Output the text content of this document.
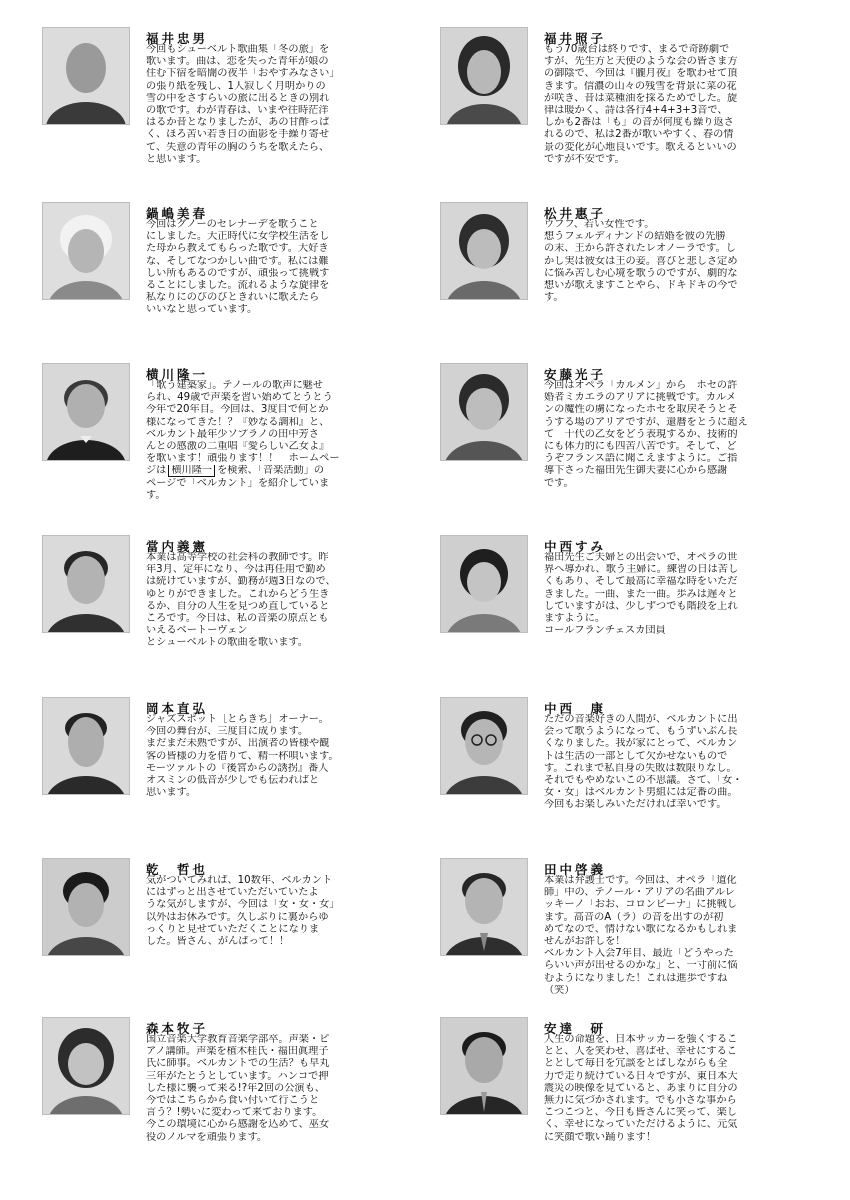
福井忠男
今回もシューベルト歌曲集「冬の旅」を
歌います。曲は、恋を失った青年が娘の
住む下宿を暗闇の夜半「おやすみなさい」
の張り紙を残し、1人寂しく月明かりの
雪の中をさすらいの旅に出るときの別れ
の歌です。わが青春は、いまや往時茫洋
はるか昔となりましたが、あの甘酢っぱ
く、ほろ苦い若き日の面影を手繰り寄せ
て、失意の青年の胸のうちを歌えたら、
と思います。
福井照子
もう70歳台は終りです、まるで奇跡劇で
すが、先生方と天使のような会の皆さま方
の御陰で、今回は『朧月夜』を歌わせて頂
きます。信濃の山々の残雪を背景に菜の花
が咲き、昔は菜種油を採るためでした。旋
律は暖かく、詩は各行4+4+3+3音で、
しかも2番は「も」の音が何度も繰り返さ
れるので、私は2番が歌いやすく、春の情
景の変化が心地良いです。歌えるといいの
ですが不安です。
鍋嶋美春
今回はグノーのセレナーデを歌うこと
にしました。大正時代に女学校生活をし
た母から教えてもらった歌です。大好き
な、そしてなつかしい曲です。私には難
しい所もあるのですが、頑張って挑戦す
ることにしました。流れるような旋律を
私なりにのびのびときれいに歌えたら
いいなと思っています。
松井惠子
ウフフ、若い女性です。
想うフェルディナンドの結婚を彼の先勝
の末、王から許されたレオノーラです。し
かし実は彼女は王の妾。喜びと悲しさ定め
に悩み苦しむ心境を歌うのですが、劇的な
想いが歌えますことやら、ドキドキの今で
す。
横川隆一
「歌う建築家」。テノールの歌声に魅せ
られ、49歳で声楽を習い始めてとうとう
今年で20年目。今回は、3度目で何とか
様になってきた！？『妙なる調和』と、
ベルカント最年少ソプラノの田中芳さ
んとの感激の二重唱『愛らしい乙女よ』
を歌います！頑張ります！！　ホームペー
ジは 横川隆一 を検索、「音楽活動」の
ページで「ベルカント」を紹介していま
す。
安藤光子
今回はオペラ「カルメン」から　ホセの許
婚者ミカエラのアリアに挑戦です。カルメ
ンの魔性の虜になったホセを取戻そうとそ
うする場のアリアですが、還暦をとうに超え
て　十代の乙女をどう表現するか、技術的
にも体力的にも四苦八苦です。そして、ど
うぞフランス語に聞こえますように。ご指
導下さった福田先生御夫妻に心から感謝
です。
當内義憲
本業は高等学校の社会科の教師です。昨
年3月、定年になり、今は再任用で勤め
は続けていますが、勤務が週3日なので、
ゆとりができました。これからどう生き
るか、自分の人生を見つめ直していると
ころです。今日は、私の音楽の原点とも
いえるベートーヴェン
とシューベルトの歌曲を歌います。
中西すみ
福田先生ご夫婦との出会いで、オペラの世
界へ導かれ、歌う主婦に。練習の日は苦し
くもあり、そして最高に幸福な時をいただ
きました。一曲、また一曲。歩みは遅々と
していますがは、少しずつでも階段を上れ
ますように。
コールフランチェスカ団員
岡本直弘
ジャズスポット［とらきち］オーナー。
今回の舞台が、三度目に成ります。
まだまだ未熟ですが、出演者の皆様や観
客の皆様の力を借りて、精一杯唄います。
モーツァルトの『後宮からの誘拐』番人
オスミンの低音が少しでも伝わればと
思います。
中西　康
ただの音楽好きの人間が、ベルカントに出
会って歌うようになって、もうずいぶん長
くなりました。我が家にとって、ベルカン
トは生活の一部として欠かせないもので
す。これまで私自身の失敗は数限りなし。
それでもやめないこの不思議。さて、「女・
女・女」はベルカント男組には定番の曲。
今回もお楽しみいただければ幸いです。
乾　哲也
気がついてみれば、10数年、ベルカント
にはずっと出させていただいていたよ
うな気がしますが、今回は「女・女・女」
以外はお休みです。久しぶりに裏からゆ
っくりと見せていただくことになりま
した。皆さん、がんばって！！
田中啓義
本業は弁護士です。今回は、オペラ「道化
師」中の、テノール・アリアの名曲アルレ
ッキーノ「おお、コロンビーナ」に挑戦し
ます。高音のA（ラ）の音を出すのが初
めてなので、情けない歌になるかもしれま
せんがお許しを！
ベルカント入会7年目、最近「どうやった
らいい声が出せるのかな」と、一寸前に悩
むようになりました！これは進歩ですね
（笑）
森本牧子
国立音楽大学教育音楽学部卒。声楽・ピ
アノ講師。声楽を植木桂氏・福田眞理子
氏に師事。ベルカントでの生活？も早丸
三年がたとうとしています。ハンコで押
した様に襲って来る!?年2回の公演も、
今ではこちらから食い付いて行こうと
言う？!勢いに変わって来ております。
今この環境に心から感謝を込めて、巫女
役のノルマを頑張ります。
安達　研
人生の命題を、日本サッカーを強くするこ
とと、人を笑わせ、喜ばせ、幸せにするこ
ととして毎日を冗談をとばしながらも全
力で走り続けている日々ですが、東日本大
震災の映像を見ていると、あまりに自分の
無力に気づかされます。でも小さな事から
こつこつと、今日も皆さんに笑って、楽し
く、幸せになっていただけるように、元気
に笑顔で歌い踊ります！
